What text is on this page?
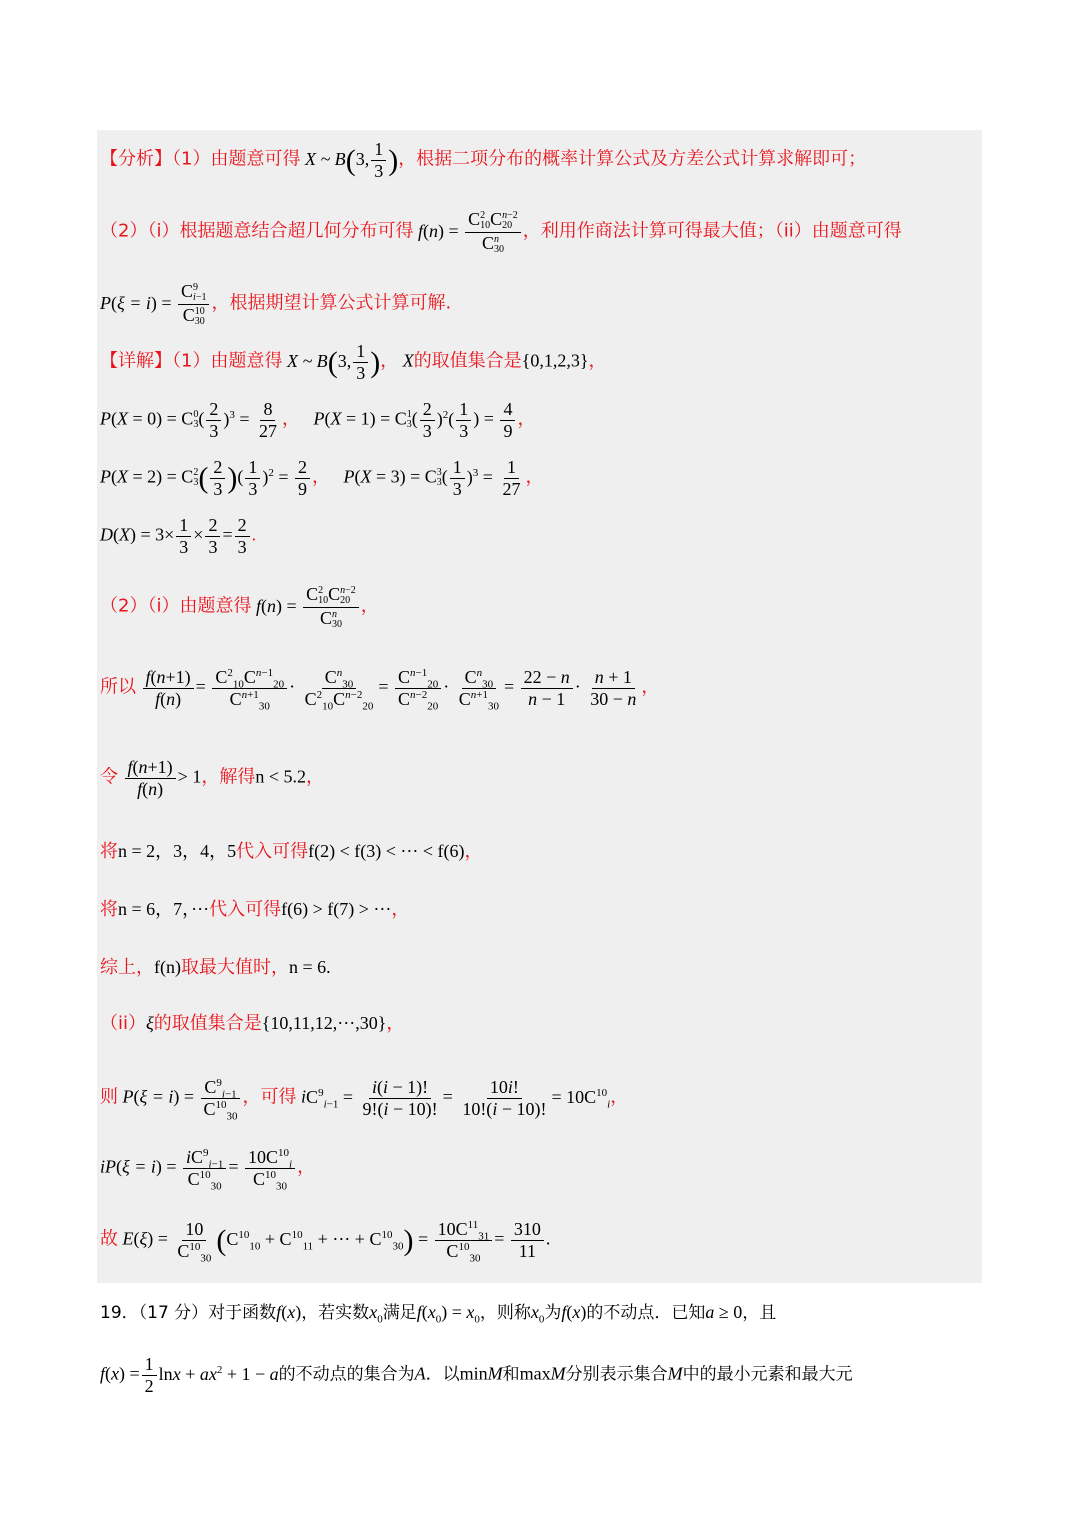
【分析】（1）由题意可得 X ~ B(3, $\frac{1}{3}$ )，根据二项分布的概率计算公式及方差公式计算求解即可；
（2）（i）根据题意结合超几何分布可得 f(n) = C 2
10 C n−2
20
C n
30 ，利用作商法计算可得最大值；（ii）由题意可得
P(ξ = i) = C 9
i−1
C 10
30 ，根据期望计算公式计算可解.
【详解】（1）由题意得 X ~ B(3, $\frac{1}{3}$ )， X的取值集合是{0,1,2,3}，
P(X = 0) = C 0
3 ( $\frac{2}{3} )^3 = \frac{8}{27}$ ， P(X = 1) = C 1
3 ( $\frac{2}{3} )^2( \frac{1}{3}$ ) = $\frac{4}{9}$ ，
P(X = 2) = C 2
3 ( $\frac{2}{3}$ )( $\frac{1}{3} )^2 = \frac{2}{9}$ ， P(X = 3) = C 3
3 ( $\frac{1}{3} )^3 = \frac{1}{27}$ ，
$D(X) = 3\times \frac{1}{3} \times \frac{2}{3} = \frac{2}{3}$ .
（2）（i）由题意得 f(n) = C 2
10 C n−2
20
C n
30 ，
所以 $\frac{f(n+1)}{f(n)} = \frac{C^2_{10}C^{n-1}_{20}}{C^{n+1}_{30}} \cdot \frac{C^n_{30}}{C^2_{10}C^{n-2}_{20}} = \frac{C^{n-1}_{20}}{C^{n-2}_{20}} \cdot \frac{C^n_{30}}{C^{n+1}_{30}} = \frac{22 - n}{n - 1} \cdot \frac{n + 1}{30 - n}$ ，
令 $\frac{f(n+1)}{f(n)} > 1$，解得n < 5.2，
将n = 2，3，4，5代入可得f(2) < f(3) < ··· < f(6)，
将n = 6，7，···代入可得f(6) > f(7) > ···，
综上，f(n)取最大值时，n = 6.
（ii）ξ的取值集合是{10,11,12,···,30}，
则 $P(\xi = i) = \frac{C^9_{i-1}}{C^{10}_{30}}$ ，可得 $iC^9_{i-1} = \frac{i(i - 1)!}{9!(i - 10)!} = \frac{10i!}{10!(i - 10)!} = 10C^{10}_i$，
$iP(\xi = i) = \frac{iC^9_{i-1}}{C^{10}_{30}} = \frac{10C^{10}_i}{C^{10}_{30}}$ ，
故 $E(\xi) = \frac{10}{C^{10}_{30}} (C^{10}_{10} + C^{10}_{11}$ + ··· + $C^{10}_{30}) = \frac{10C^{11}_{31}}{C^{10}_{30}} = \frac{310}{11}$ .
19．（17 分）对于函数f(x)，若实数$x_0$满足$f(x_0) = x_0$，则称$x_0$为f(x)的不动点．已知a ≥ 0，且
$f(x) = \frac{1}{2}$ $\ln x + ax^2 + 1 - a$的不动点的集合为A．以minM和maxM分别表示集合M中的最小元素和最大元
